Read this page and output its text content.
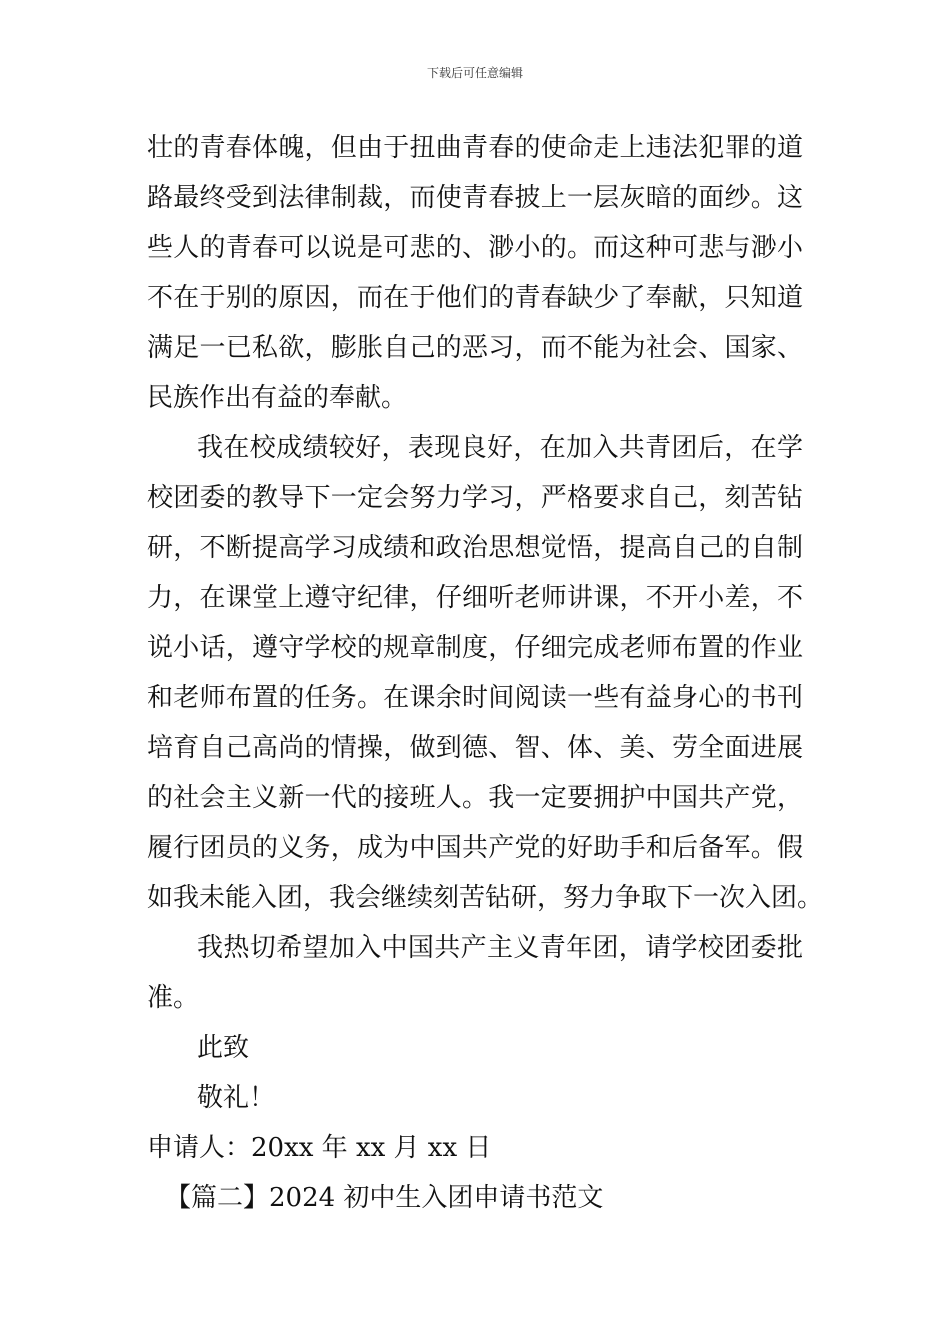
下载后可任意编辑
壮的青春体魄，但由于扭曲青春的使命走上违法犯罪的道
路最终受到法律制裁，而使青春披上一层灰暗的面纱。这
些人的青春可以说是可悲的、渺小的。而这种可悲与渺小
不在于别的原因，而在于他们的青春缺少了奉献，只知道
满足一已私欲，膨胀自己的恶习，而不能为社会、国家、
民族作出有益的奉献。
我在校成绩较好，表现良好，在加入共青团后，在学
校团委的教导下一定会努力学习，严格要求自己，刻苦钻
研，不断提高学习成绩和政治思想觉悟，提高自己的自制
力，在课堂上遵守纪律，仔细听老师讲课，不开小差，不
说小话，遵守学校的规章制度，仔细完成老师布置的作业
和老师布置的任务。在课余时间阅读一些有益身心的书刊
培育自己高尚的情操，做到德、智、体、美、劳全面进展
的社会主义新一代的接班人。我一定要拥护中国共产党，
履行团员的义务，成为中国共产党的好助手和后备军。假
如我未能入团，我会继续刻苦钻研，努力争取下一次入团。
我热切希望加入中国共产主义青年团，请学校团委批
准。
此致
敬礼！
申请人：20xx 年 xx 月 xx 日
【篇二】2024 初中生入团申请书范文
